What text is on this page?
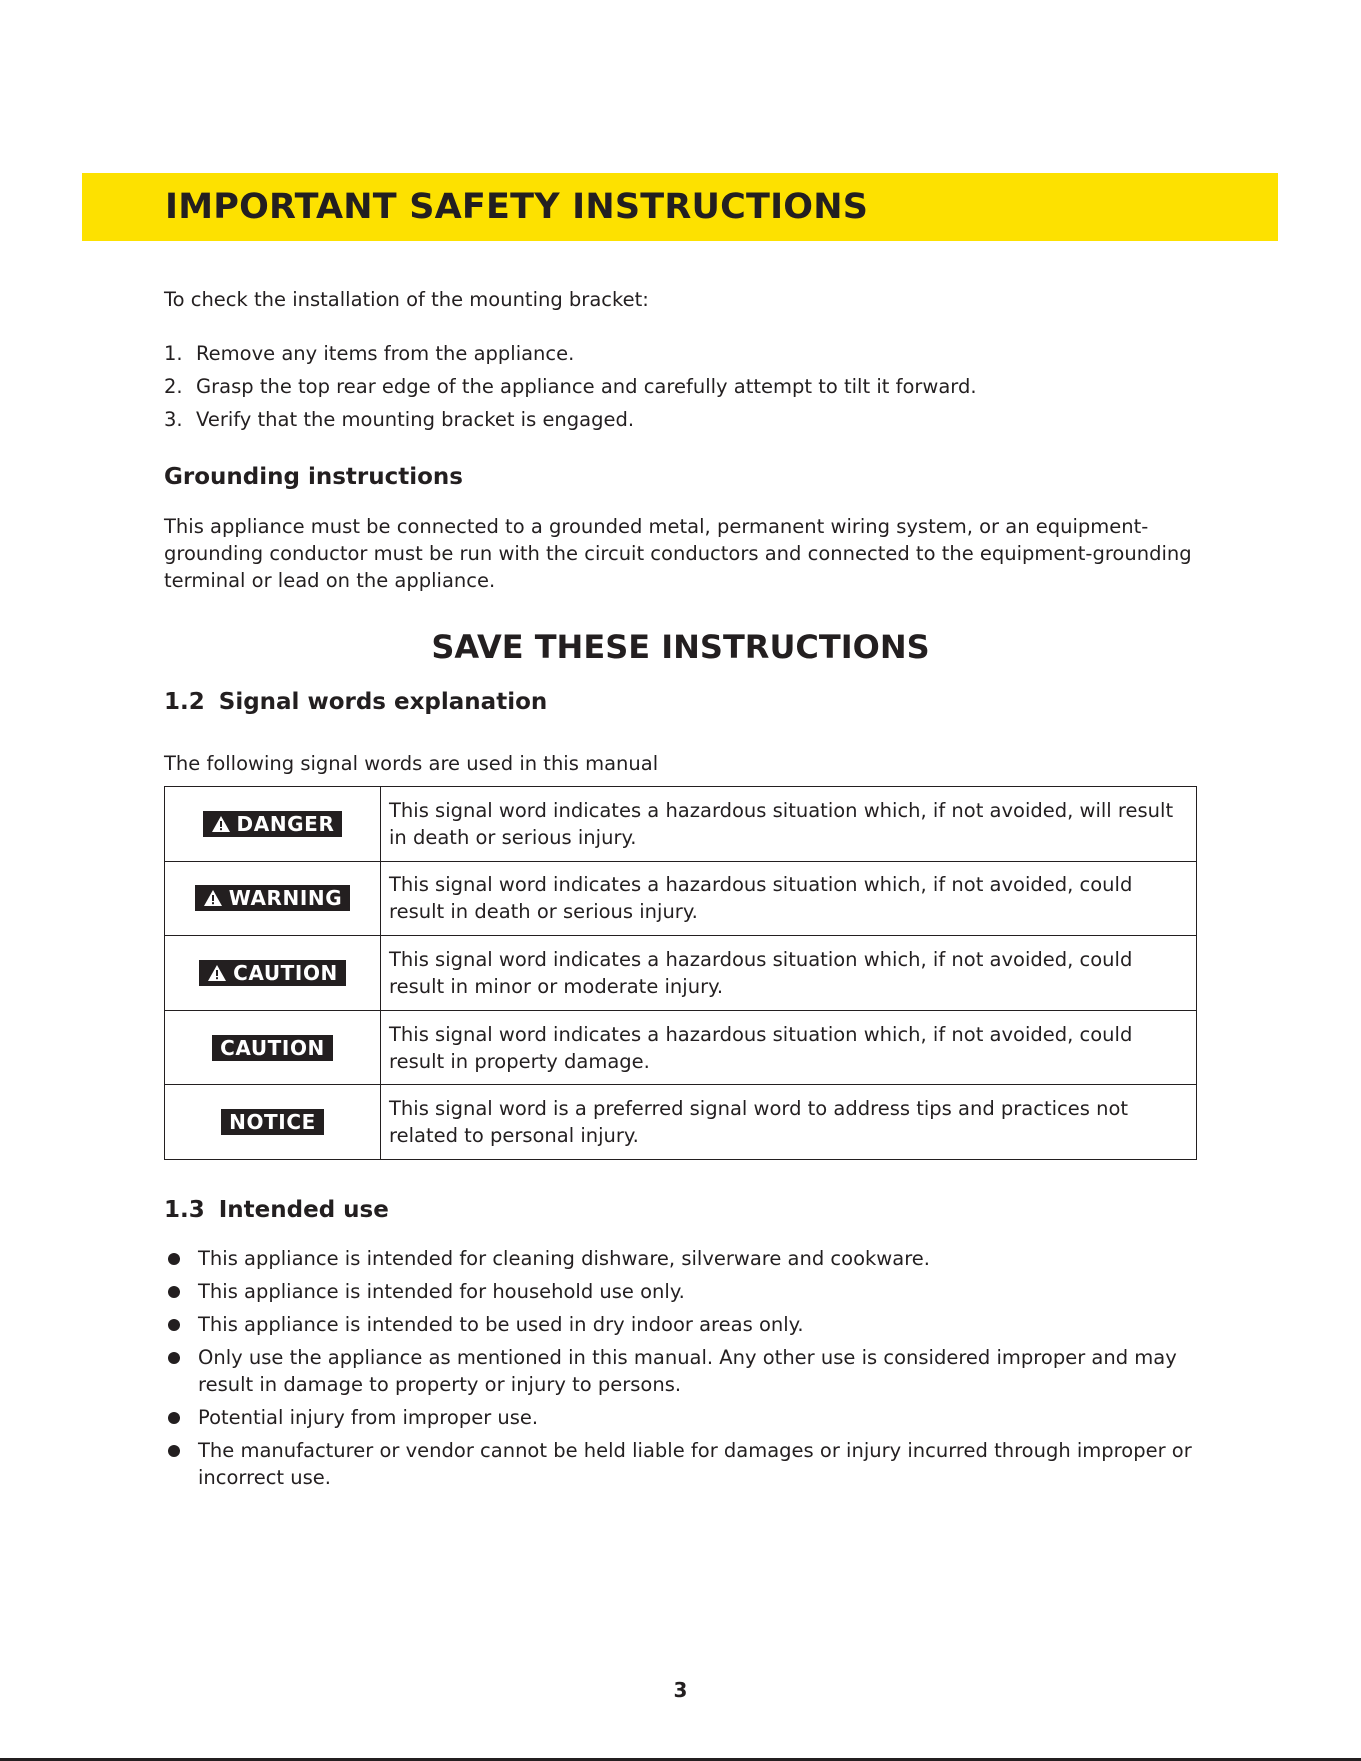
IMPORTANT SAFETY INSTRUCTIONS
To check the installation of the mounting bracket:
1. Remove any items from the appliance.
2. Grasp the top rear edge of the appliance and carefully attempt to tilt it forward.
3. Verify that the mounting bracket is engaged.
Grounding instructions
This appliance must be connected to a grounded metal, permanent wiring system, or an equipment-grounding conductor must be run with the circuit conductors and connected to the equipment-grounding terminal or lead on the appliance.
SAVE THESE INSTRUCTIONS
1.2 Signal words explanation
The following signal words are used in this manual
DANGER	This signal word indicates a hazardous situation which, if not avoided, will result in death or serious injury.

WARNING	This signal word indicates a hazardous situation which, if not avoided, could result in death or serious injury.

CAUTION	This signal word indicates a hazardous situation which, if not avoided, could result in minor or moderate injury.

CAUTION	This signal word indicates a hazardous situation which, if not avoided, could result in property damage.

NOTICE	This signal word is a preferred signal word to address tips and practices not related to personal injury.
1.3 Intended use
This appliance is intended for cleaning dishware, silverware and cookware.
This appliance is intended for household use only.
This appliance is intended to be used in dry indoor areas only.
Only use the appliance as mentioned in this manual. Any other use is considered improper and may result in damage to property or injury to persons.
Potential injury from improper use.
The manufacturer or vendor cannot be held liable for damages or injury incurred through improper or incorrect use.
3
